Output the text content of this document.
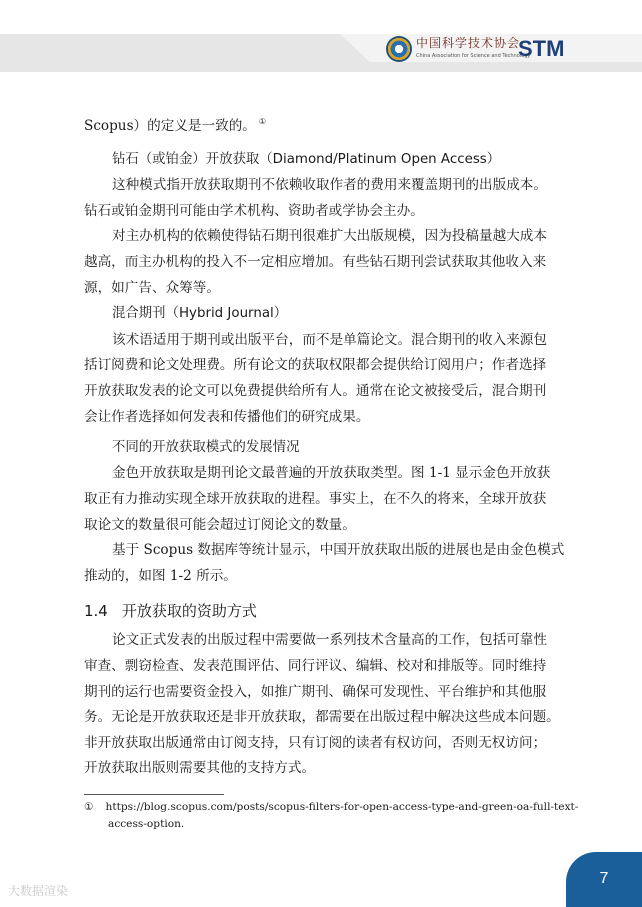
中国科学技术协会
China Association for Science and Technology
STM
Scopus）的定义是一致的。 ①
钻石（或铂金）开放获取（Diamond/Platinum Open Access）
这种模式指开放获取期刊不依赖收取作者的费用来覆盖期刊的出版成本。
钻石或铂金期刊可能由学术机构、资助者或学协会主办。
对主办机构的依赖使得钻石期刊很难扩大出版规模，因为投稿量越大成本
越高，而主办机构的投入不一定相应增加。有些钻石期刊尝试获取其他收入来
源，如广告、众筹等。
混合期刊（Hybrid Journal）
该术语适用于期刊或出版平台，而不是单篇论文。混合期刊的收入来源包
括订阅费和论文处理费。所有论文的获取权限都会提供给订阅用户；作者选择
开放获取发表的论文可以免费提供给所有人。通常在论文被接受后，混合期刊
会让作者选择如何发表和传播他们的研究成果。
不同的开放获取模式的发展情况
金色开放获取是期刊论文最普遍的开放获取类型。图 1-1 显示金色开放获
取正有力推动实现全球开放获取的进程。事实上，在不久的将来，全球开放获
取论文的数量很可能会超过订阅论文的数量。
基于 Scopus 数据库等统计显示，中国开放获取出版的进展也是由金色模式
推动的，如图 1-2 所示。
1.4 开放获取的资助方式
论文正式发表的出版过程中需要做一系列技术含量高的工作，包括可靠性
审查、剽窃检查、发表范围评估、同行评议、编辑、校对和排版等。同时维持
期刊的运行也需要资金投入，如推广期刊、确保可发现性、平台维护和其他服
务。无论是开放获取还是非开放获取，都需要在出版过程中解决这些成本问题。
非开放获取出版通常由订阅支持，只有订阅的读者有权访问，否则无权访问；
开放获取出版则需要其他的支持方式。
① https://blog.scopus.com/posts/scopus-filters-for-open-access-type-and-green-oa-full-text-
access-option.
7
大数据渲染
